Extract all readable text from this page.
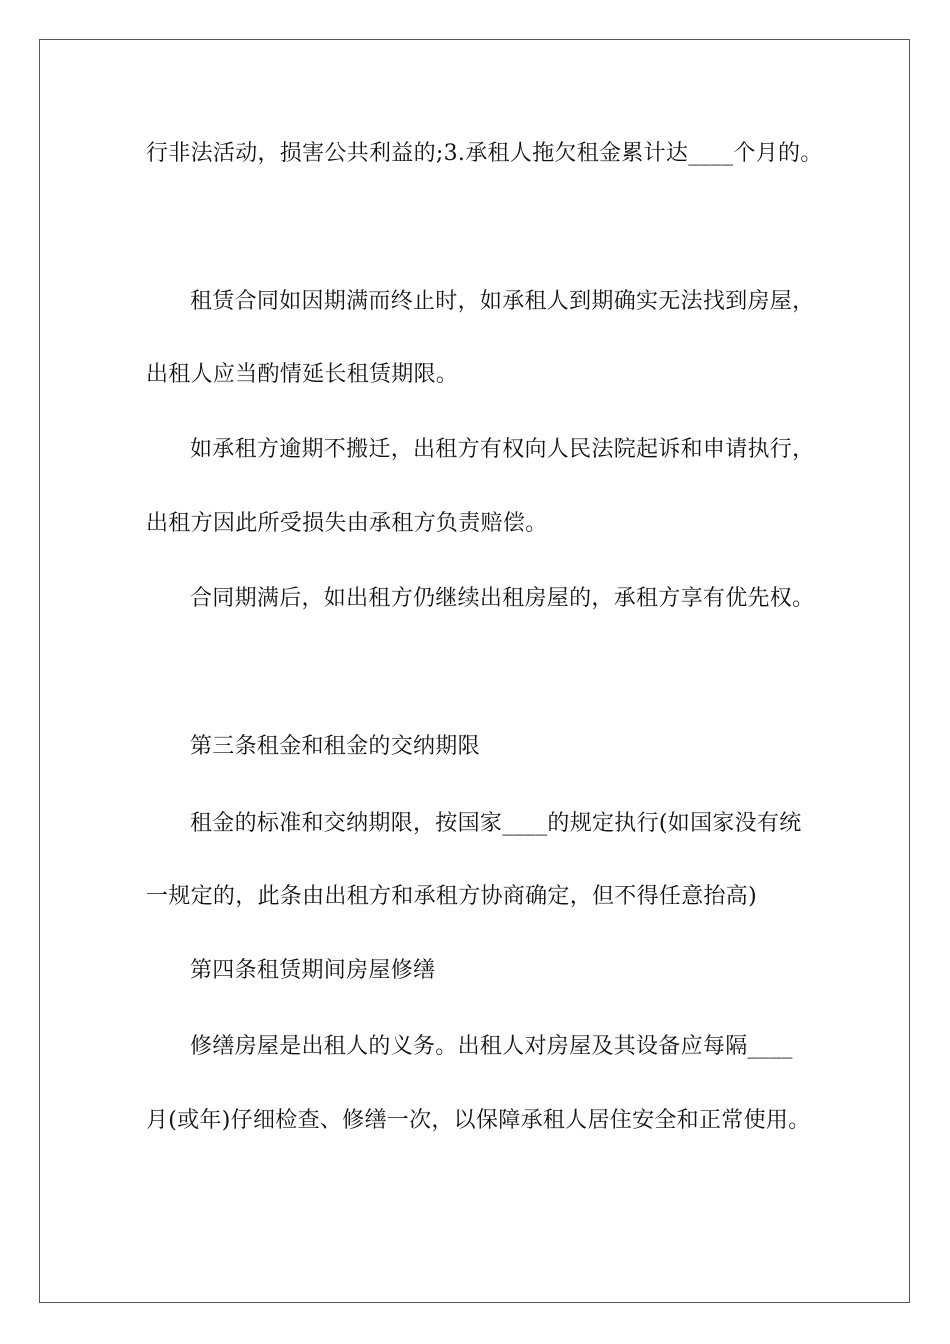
行非法活动，损害公共利益的;3.承租人拖欠租金累计达____个月的。
租赁合同如因期满而终止时，如承租人到期确实无法找到房屋，
出租人应当酌情延长租赁期限。
如承租方逾期不搬迁，出租方有权向人民法院起诉和申请执行，
出租方因此所受损失由承租方负责赔偿。
合同期满后，如出租方仍继续出租房屋的，承租方享有优先权。
第三条租金和租金的交纳期限
租金的标准和交纳期限，按国家____的规定执行(如国家没有统
一规定的，此条由出租方和承租方协商确定，但不得任意抬高)
第四条租赁期间房屋修缮
修缮房屋是出租人的义务。出租人对房屋及其设备应每隔____
月(或年)仔细检查、修缮一次，以保障承租人居住安全和正常使用。
